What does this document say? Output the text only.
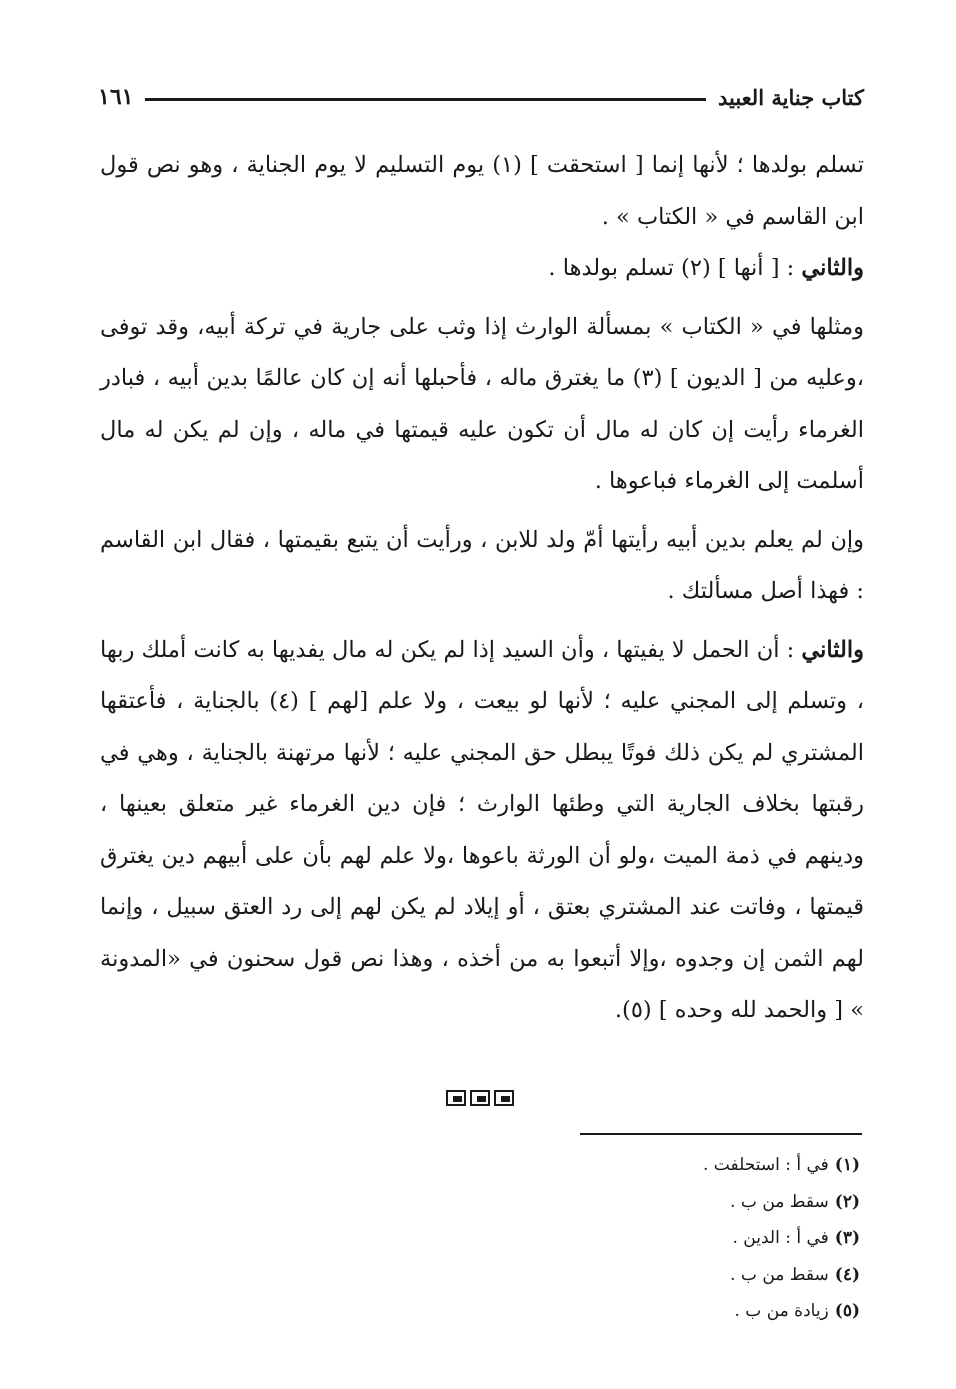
كتاب جناية العبيد
١٦١

تسلم بولدها ؛ لأنها إنما [ استحقت ] (١) يوم التسليم لا يوم الجناية ، وهو نص قول ابن القاسم في « الكتاب » .

والثاني : [ أنها ] (٢) تسلم بولدها .

ومثلها في « الكتاب » بمسألة الوارث إذا وثب على جارية في تركة أبيه، وقد توفى ،وعليه من [ الديون ] (٣) ما يغترق ماله ، فأحبلها أنه إن كان عالمًا بدين أبيه ، فبادر الغرماء رأيت إن كان له مال أن تكون عليه قيمتها في ماله ، وإن لم يكن له مال أسلمت إلى الغرماء فباعوها .

وإن لم يعلم بدين أبيه رأيتها أمّ ولد للابن ، ورأيت أن يتبع بقيمتها ، فقال ابن القاسم : فهذا أصل مسألتك .

والثاني : أن الحمل لا يفيتها ، وأن السيد إذا لم يكن له مال يفديها به كانت أملك ربها ، وتسلم إلى المجني عليه ؛ لأنها لو بيعت ، ولا علم [لهم ] (٤) بالجناية ، فأعتقها المشتري لم يكن ذلك فوتًا يبطل حق المجني عليه ؛ لأنها مرتهنة بالجناية ، وهي في رقبتها بخلاف الجارية التي وطئها الوارث ؛ فإن دين الغرماء غير متعلق بعينها ، ودينهم في ذمة الميت ،ولو أن الورثة باعوها ،ولا علم لهم بأن على أبيهم دين يغترق قيمتها ، وفاتت عند المشتري بعتق ، أو إيلاد لم يكن لهم إلى رد العتق سبيل ، وإنما لهم الثمن إن وجدوه ،وإلا أتبعوا به من أخذه ، وهذا نص قول سحنون في «المدونة » [ والحمد لله وحده ] (٥).

(١)
في أ : استحلفت .
(٢)
سقط من ب .
(٣)
في أ : الدين .
(٤)
سقط من ب .
(٥)
زيادة من ب .
